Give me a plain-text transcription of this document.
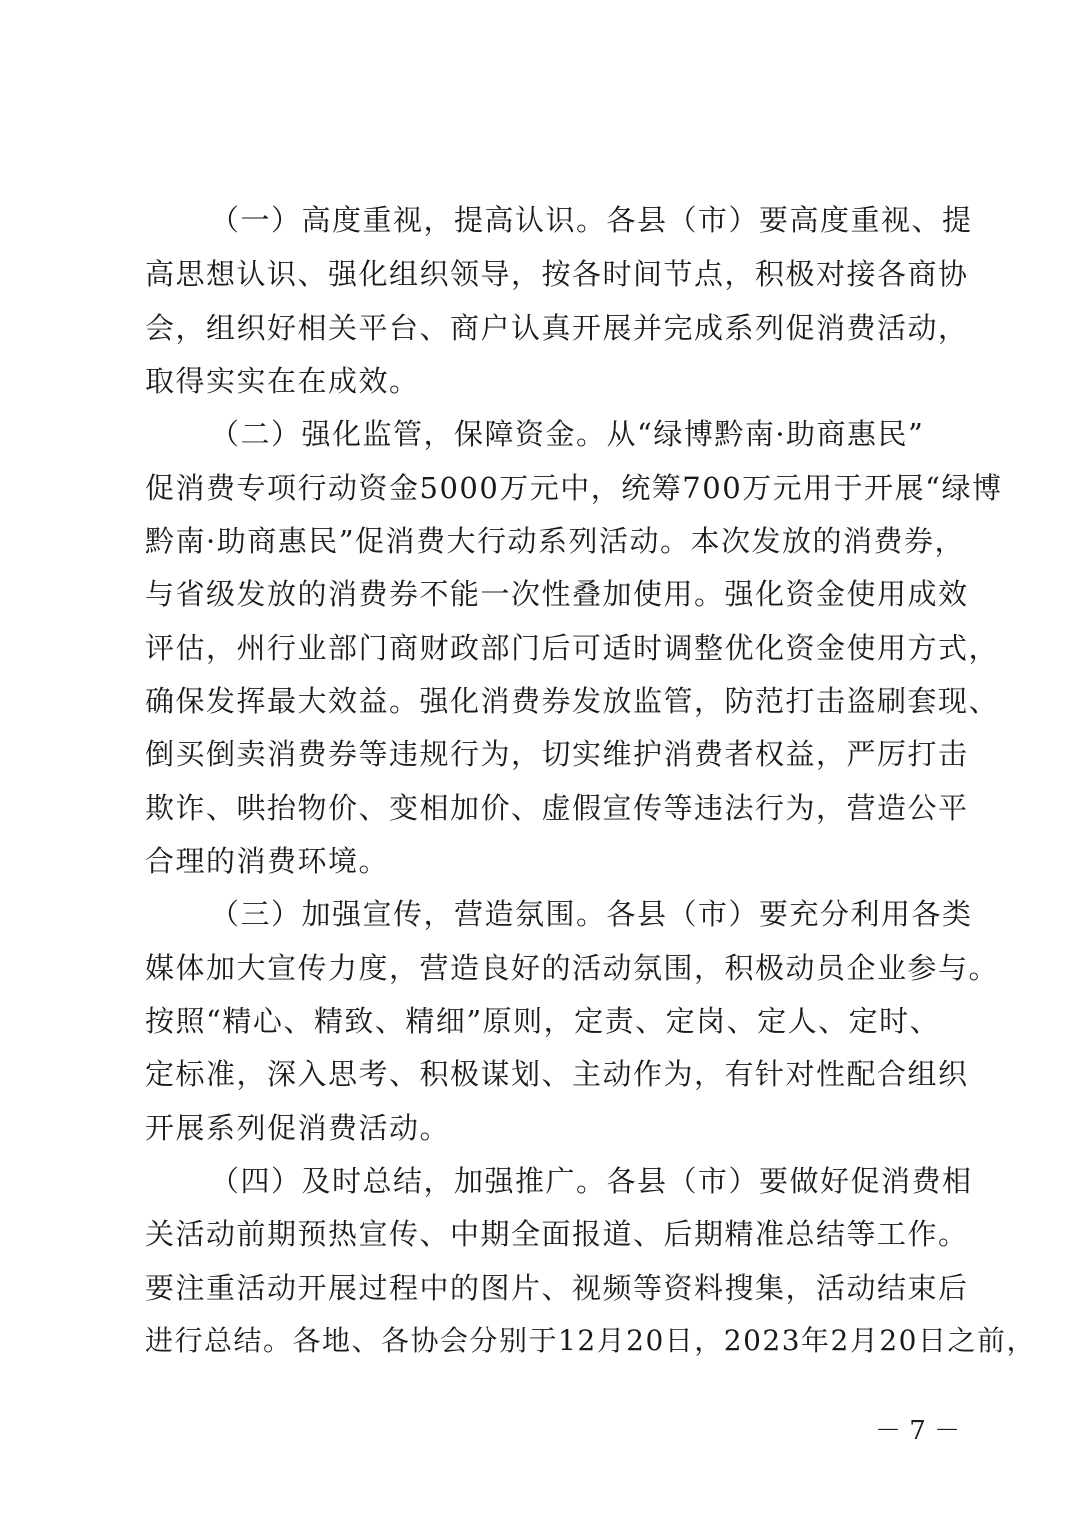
（一）高度重视，提高认识。各县（市）要高度重视、提
高思想认识、强化组织领导，按各时间节点，积极对接各商协
会，组织好相关平台、商户认真开展并完成系列促消费活动，
取得实实在在成效。
（二）强化监管，保障资金。从“绿博黔南·助商惠民”
促消费专项行动资金5000万元中，统筹700万元用于开展“绿博
黔南·助商惠民”促消费大行动系列活动。本次发放的消费券，
与省级发放的消费券不能一次性叠加使用。强化资金使用成效
评估，州行业部门商财政部门后可适时调整优化资金使用方式，
确保发挥最大效益。强化消费券发放监管，防范打击盗刷套现、
倒买倒卖消费券等违规行为，切实维护消费者权益，严厉打击
欺诈、哄抬物价、变相加价、虚假宣传等违法行为，营造公平
合理的消费环境。
（三）加强宣传，营造氛围。各县（市）要充分利用各类
媒体加大宣传力度，营造良好的活动氛围，积极动员企业参与。
按照“精心、精致、精细”原则，定责、定岗、定人、定时、
定标准，深入思考、积极谋划、主动作为，有针对性配合组织
开展系列促消费活动。
（四）及时总结，加强推广。各县（市）要做好促消费相
关活动前期预热宣传、中期全面报道、后期精准总结等工作。
要注重活动开展过程中的图片、视频等资料搜集，活动结束后
进行总结。各地、各协会分别于12月20日，2023年2月20日之前，
－ 7 －
